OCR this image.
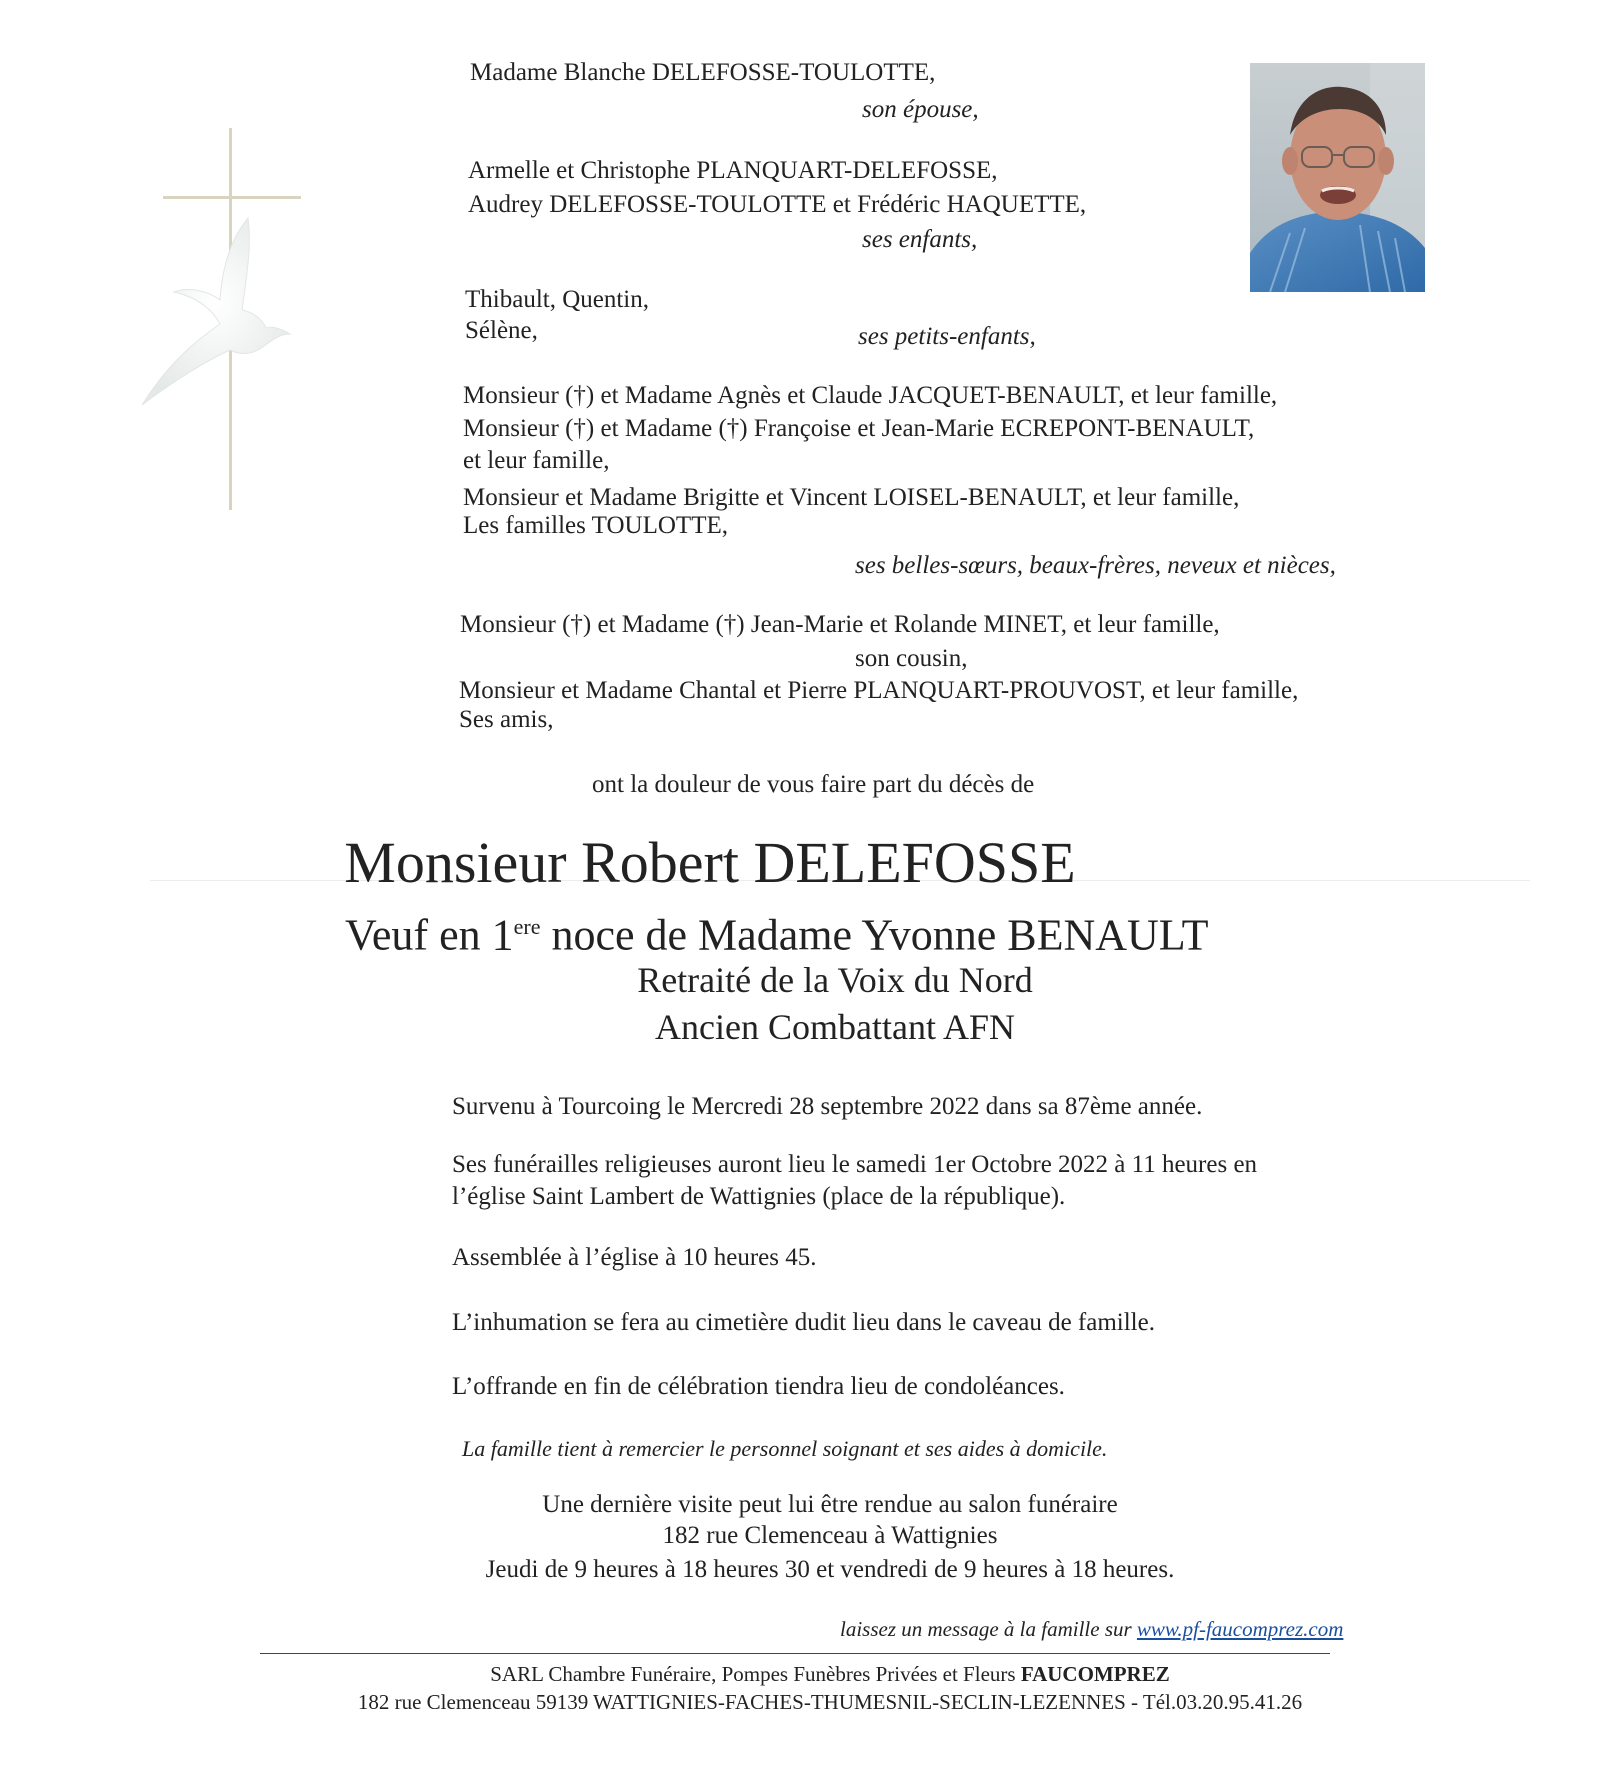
Madame Blanche DELEFOSSE-TOULOTTE,
son épouse,
Armelle et Christophe PLANQUART-DELEFOSSE,
Audrey DELEFOSSE-TOULOTTE et Frédéric HAQUETTE,
ses enfants,
Thibault, Quentin,
Sélène,	ses petits-enfants,
Monsieur (†) et Madame Agnès et Claude JACQUET-BENAULT, et leur famille,
Monsieur (†) et Madame (†) Françoise et Jean-Marie ECREPONT-BENAULT,
et leur famille,
Monsieur et Madame Brigitte et Vincent LOISEL-BENAULT, et leur famille,
Les familles TOULOTTE,
ses belles-sœurs, beaux-frères, neveux et nièces,
Monsieur (†) et Madame (†) Jean-Marie et Rolande MINET, et leur famille,
son cousin,
Monsieur et Madame Chantal et Pierre PLANQUART-PROUVOST, et leur famille,
Ses amis,
ont la douleur de vous faire part du décès de
Monsieur Robert DELEFOSSE
Veuf en 1ere noce de Madame Yvonne BENAULT
Retraité de la Voix du Nord
Ancien Combattant AFN
Survenu à Tourcoing le Mercredi 28 septembre 2022 dans sa 87ème année.
Ses funérailles religieuses auront lieu le samedi 1er Octobre 2022 à 11 heures en
l’église Saint Lambert de Wattignies (place de la république).
Assemblée à l’église à 10 heures 45.
L’inhumation se fera au cimetière dudit lieu dans le caveau de famille.
L’offrande en fin de célébration tiendra lieu de condoléances.
La famille tient à remercier le personnel soignant et ses aides à domicile.
Une dernière visite peut lui être rendue au salon funéraire
182 rue Clemenceau à Wattignies
Jeudi de 9 heures à 18 heures 30 et vendredi de 9 heures à 18 heures.
laissez un message à la famille sur www.pf-faucomprez.com
SARL Chambre Funéraire, Pompes Funèbres Privées et Fleurs FAUCOMPREZ
182 rue Clemenceau 59139 WATTIGNIES-FACHES-THUMESNIL-SECLIN-LEZENNES - Tél.03.20.95.41.26
